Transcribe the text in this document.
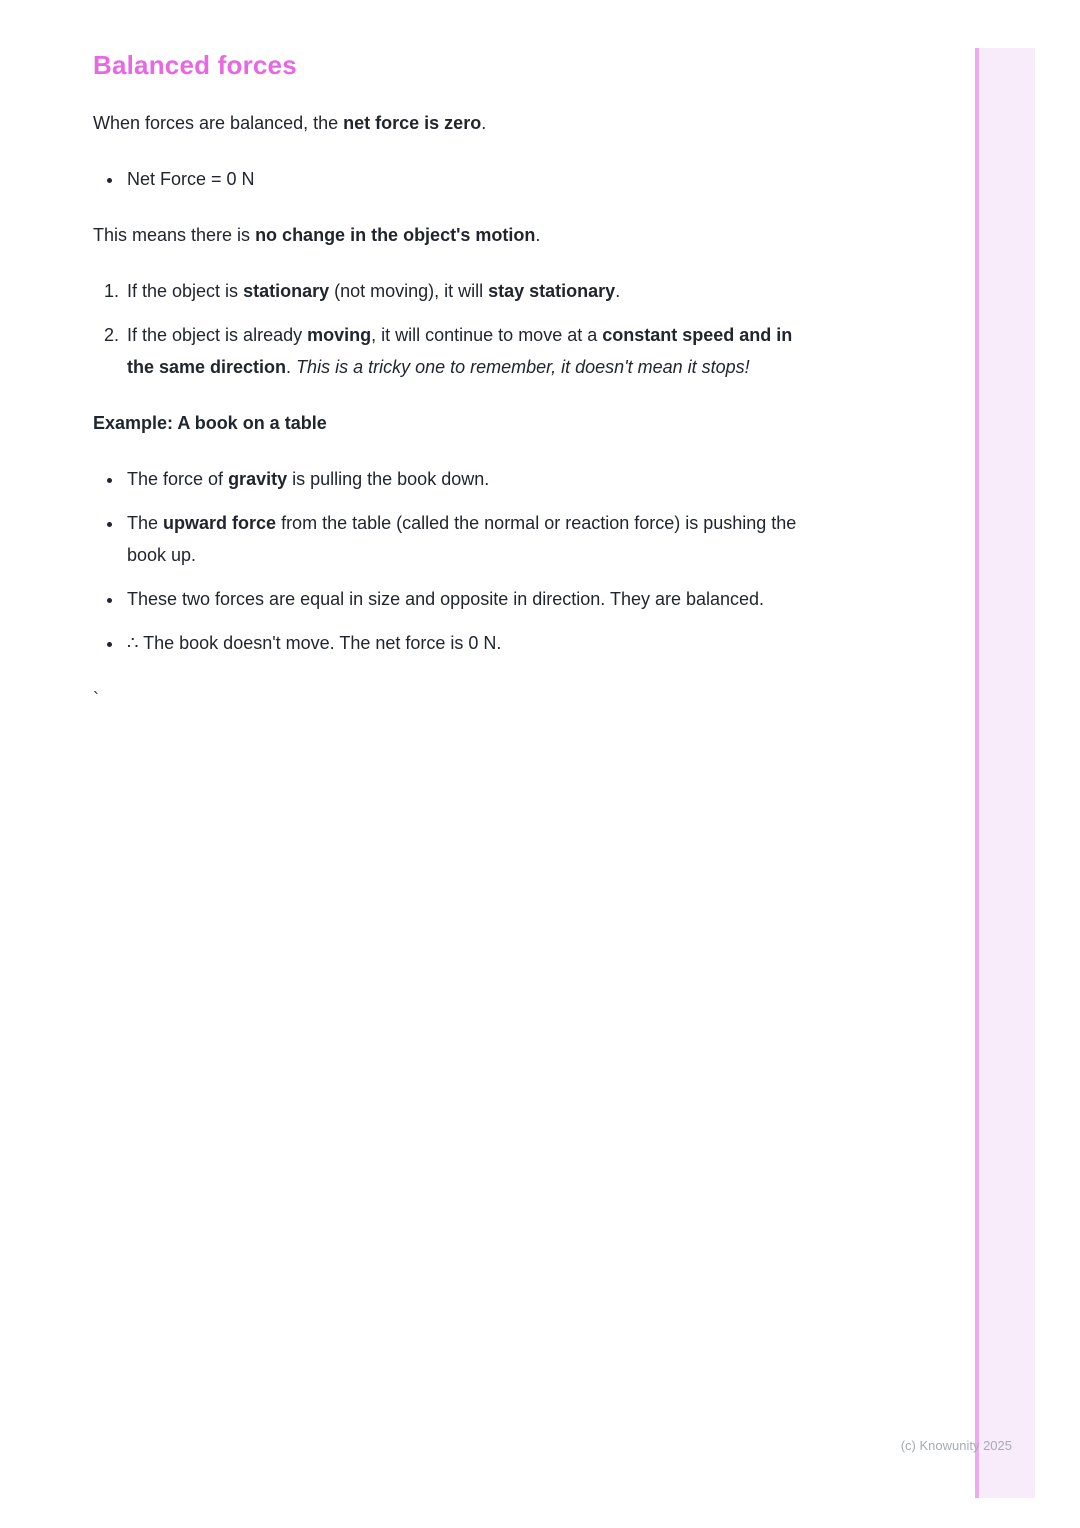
Balanced forces

When forces are balanced, the net force is zero.

• Net Force = 0 N

This means there is no change in the object's motion.

1. If the object is stationary (not moving), it will stay stationary.
2. If the object is already moving, it will continue to move at a constant speed and in the same direction. This is a tricky one to remember, it doesn't mean it stops!

Example: A book on a table

• The force of gravity is pulling the book down.
• The upward force from the table (called the normal or reaction force) is pushing the book up.
• These two forces are equal in size and opposite in direction. They are balanced.
• ∴ The book doesn't move. The net force is 0 N.

`

(c) Knowunity 2025
